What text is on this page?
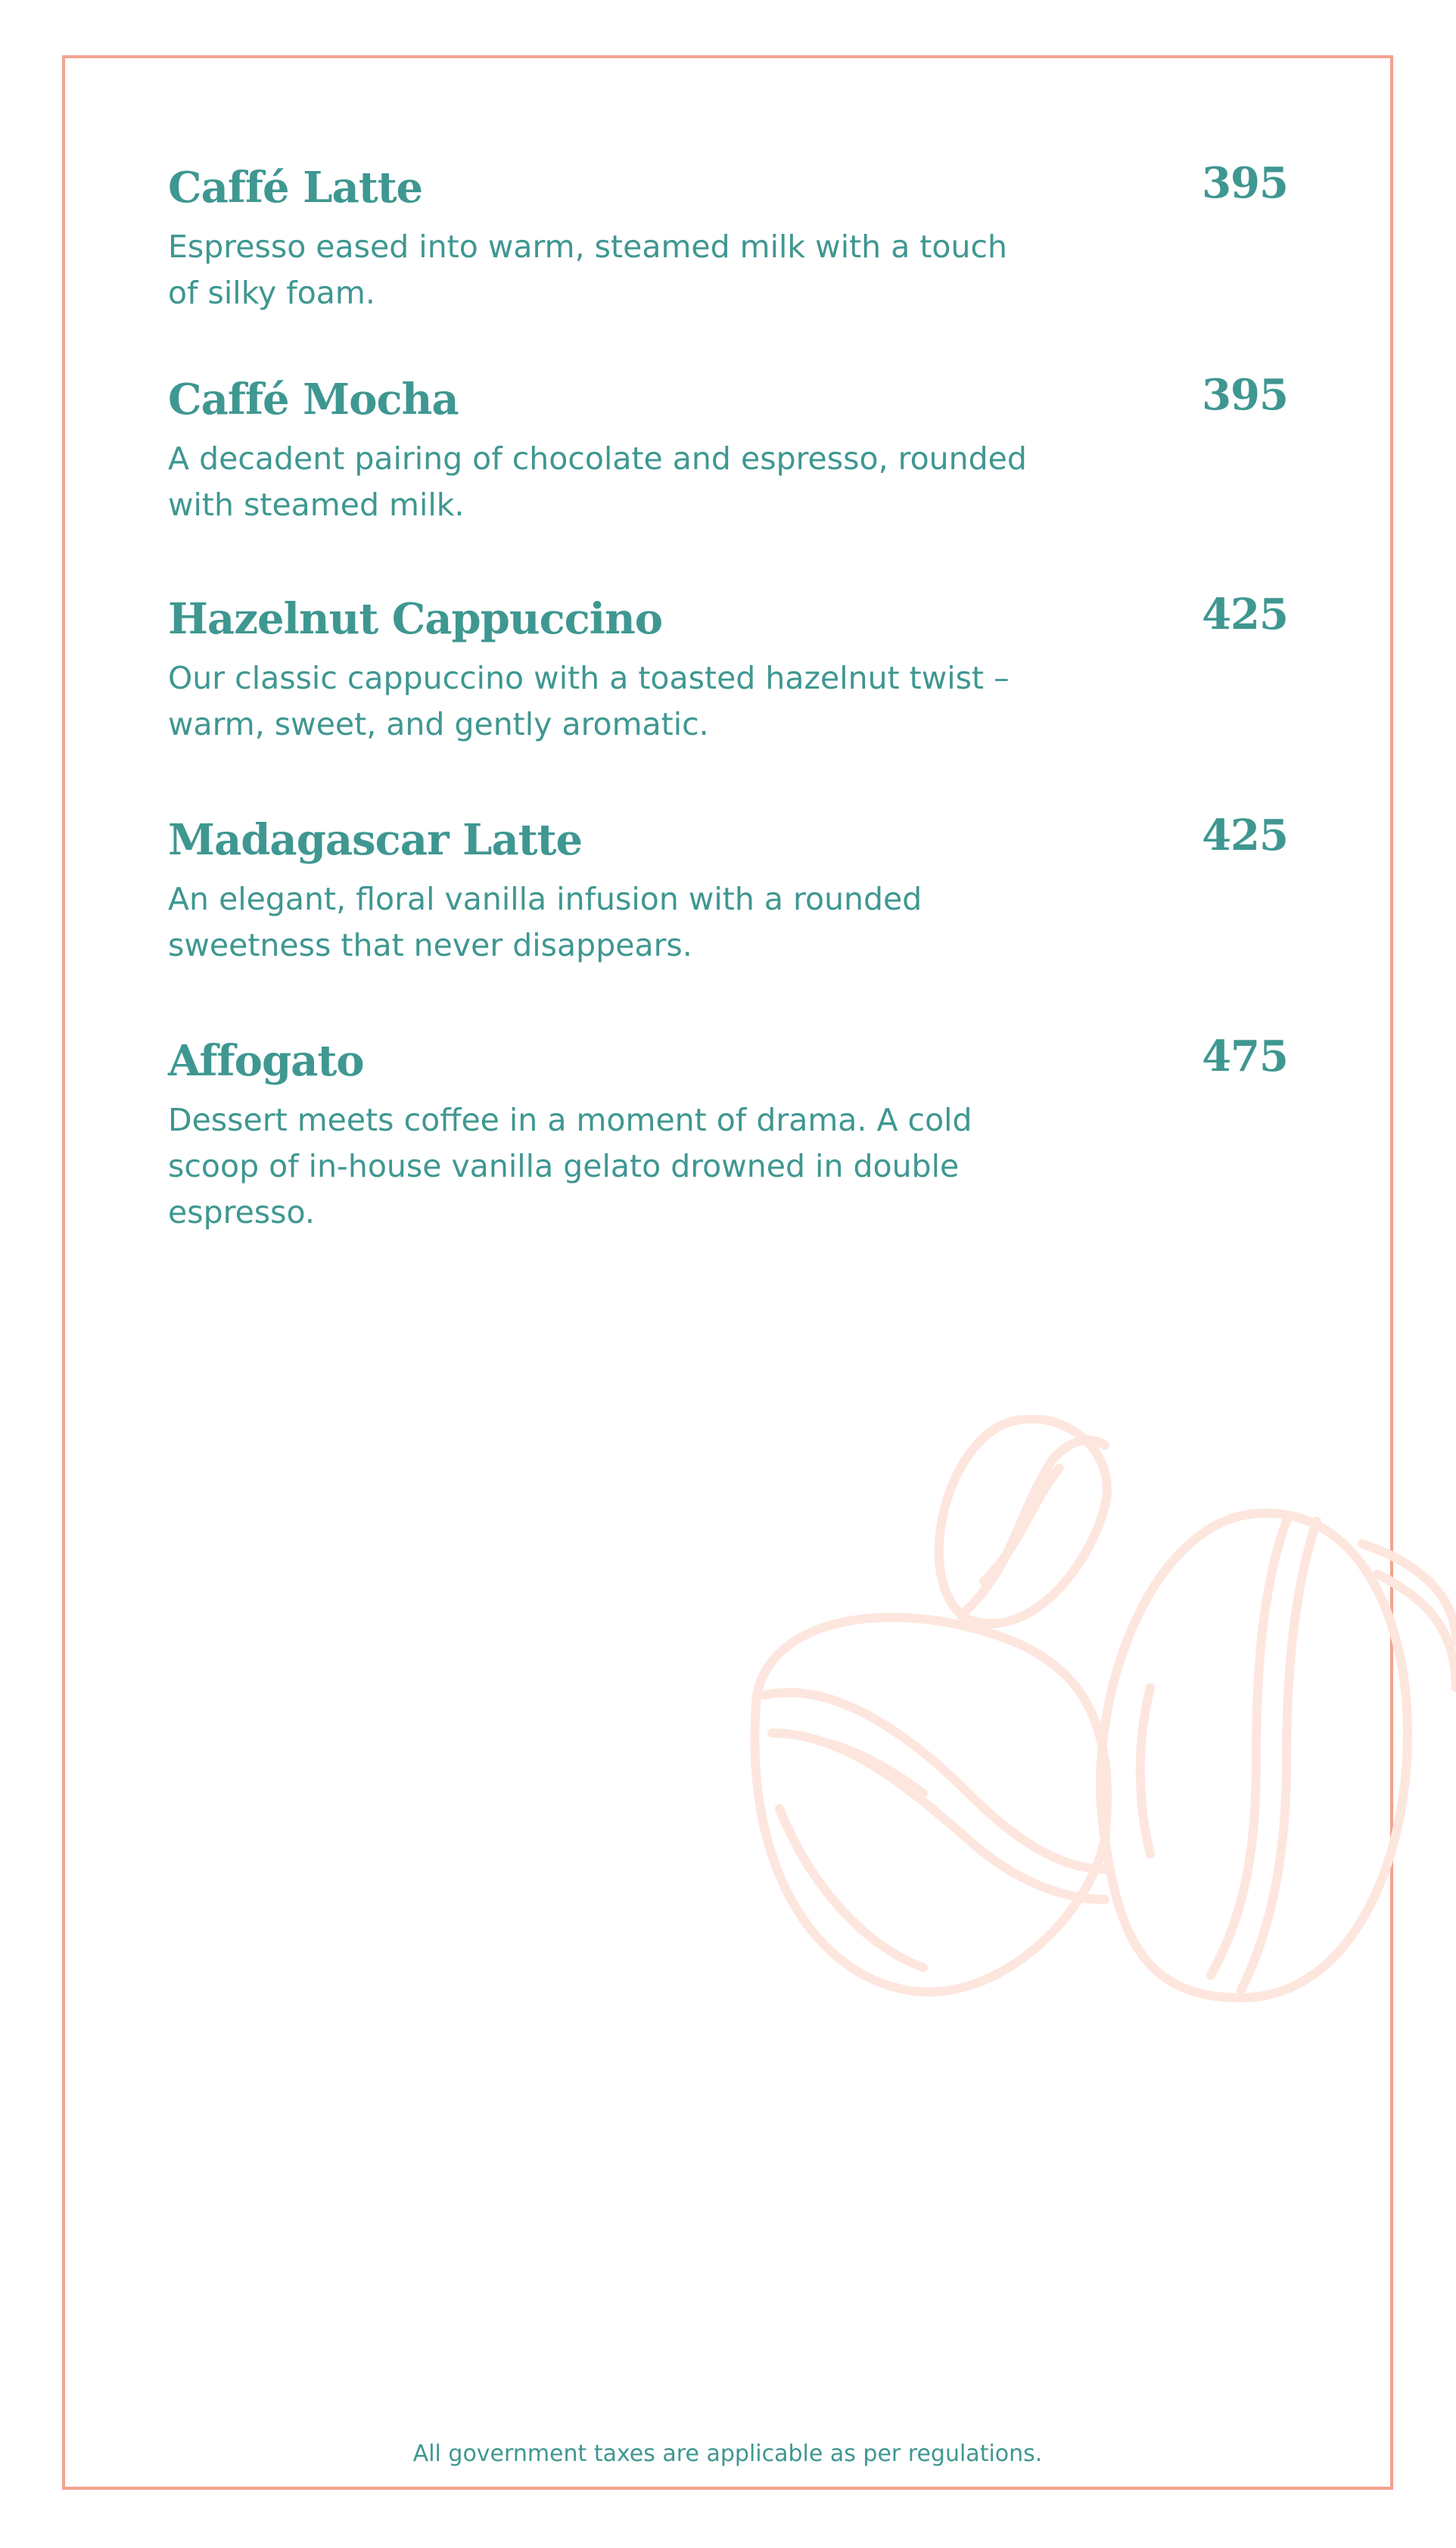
Caffé Latte	395
Espresso eased into warm, steamed milk with a touch of silky foam.
Caffé Mocha	395
A decadent pairing of chocolate and espresso, rounded with steamed milk.
Hazelnut Cappuccino	425
Our classic cappuccino with a toasted hazelnut twist – warm, sweet, and gently aromatic.
Madagascar Latte	425
An elegant, floral vanilla infusion with a rounded sweetness that never disappears.
Affogato	475
Dessert meets coffee in a moment of drama. A cold scoop of in-house vanilla gelato drowned in double espresso.
All government taxes are applicable as per regulations.
